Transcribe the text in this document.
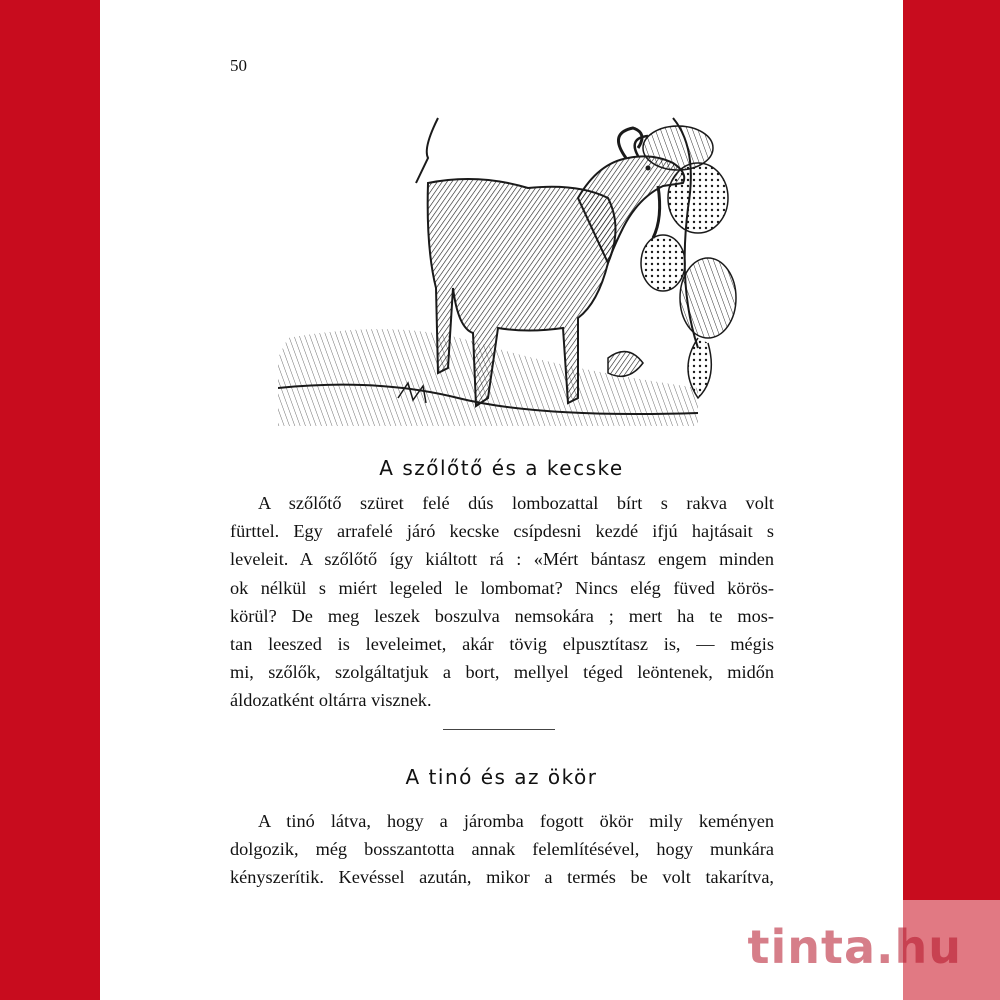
50
A szőlőtő és a kecske

A szőlőtő szüret felé dús lombozattal bírt s rakva volt
fürttel. Egy arrafelé járó kecske csípdesni kezdé ifjú hajtásait s
leveleit. A szőlőtő így kiáltott rá : «Mért bántasz engem minden
ok nélkül s miért legeled le lombomat? Nincs elég füved körös-
körül? De meg leszek boszulva nemsokára ; mert ha te mos-
tan leeszed is leveleimet, akár tövig elpusztítasz is, — mégis
mi, szőlők, szolgáltatjuk a bort, mellyel téged leöntenek, midőn
áldozatként oltárra visznek.

A tinó és az ökör

A tinó látva, hogy a járomba fogott ökör mily keményen
dolgozik, még bosszantotta annak felemlítésével, hogy munkára
kényszerítik. Kevéssel azután, mikor a termés be volt takarítva,

tinta.hu
